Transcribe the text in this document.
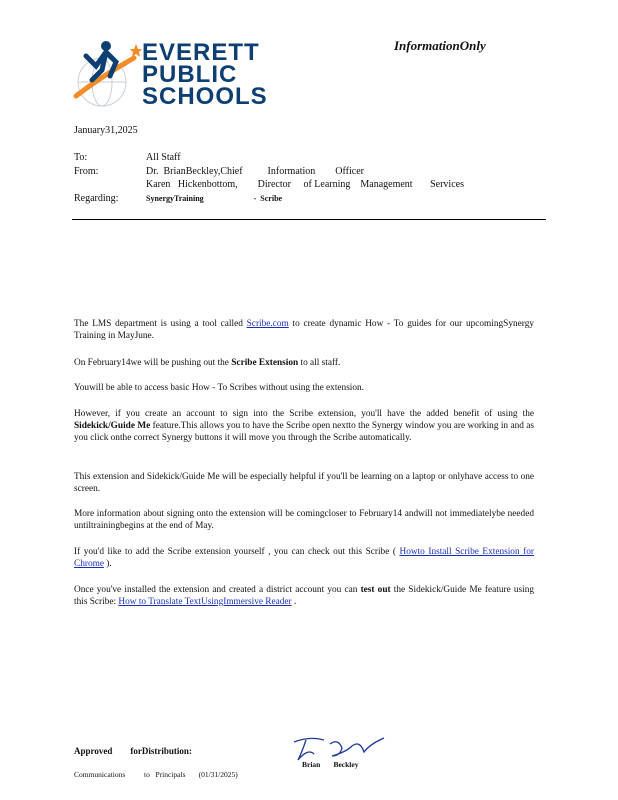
EVERETT
PUBLIC
SCHOOLS
InformationOnly
January31,2025
To:	All Staff
From:	Dr.  BrianBeckley,Chief          Information        Officer
Karen   Hickenbottom,        Director     of Learning    Management       Services
Regarding:	SynergyTraining                         -  Scribe
The LMS department is using a tool called Scribe.com to create dynamic How - To guides for our upcomingSynergy Training in MayJune.
On February14we will be pushing out the Scribe Extension to all staff.
Youwill be able to access basic How - To Scribes without using the extension.
However, if you create an account to sign into the Scribe extension, you'll have the added benefit of using the Sidekick/Guide Me feature.This allows you to have the Scribe open nextto the Synergy window you are working in and as you click onthe correct Synergy buttons it will move you through the Scribe automatically.
This extension and Sidekick/Guide Me will be especially helpful if you'll be learning on a laptop or onlyhave access to one screen.
More information about signing onto the extension will be comingcloser to February14 andwill not immediatelybe needed untiltrainingbegins at the end of May.
If you'd like to add the Scribe extension yourself , you can check out this Scribe ( Howto Install Scribe Extension for Chrome ).
Once you've installed the extension and created a district account you can test out the Sidekick/Guide Me feature using this Scribe: How to Translate TextUsingImmersive Reader .
Approved        forDistribution:
Brian       Beckley
Communications          to   Principals       (01/31/2025)
